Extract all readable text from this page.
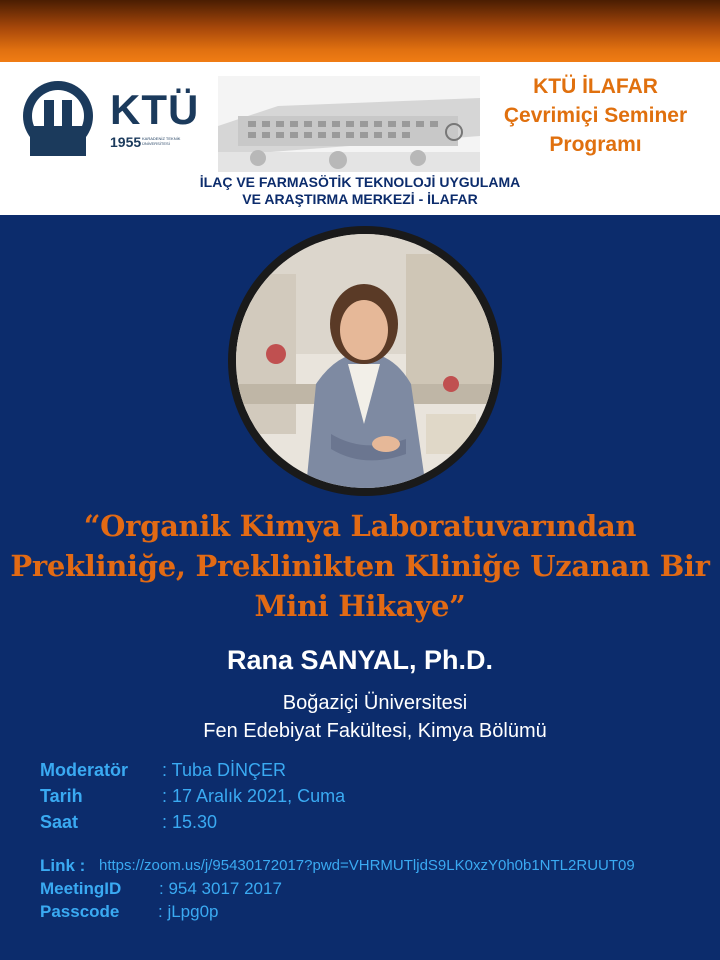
KTÜ
1955 KARADENİZ TEKNİK ÜNİVERSİTESİ
KTÜ İLAFAR
Çevrimiçi Seminer
Programı
İLAÇ VE FARMASÖTİK TEKNOLOJİ UYGULAMA
VE ARAŞTIRMA MERKEZİ - İLAFAR
“Organik Kimya Laboratuvarından
Prekliniğe, Preklinikten Kliniğe Uzanan Bir
Mini Hikaye”
Rana SANYAL, Ph.D.
Boğaziçi Üniversitesi
Fen Edebiyat Fakültesi, Kimya Bölümü
Moderatör : Tuba DİNÇER
Tarih	: 17 Aralık 2021, Cuma
Saat	: 15.30
Link : https://zoom.us/j/95430172017?pwd=VHRMUTljdS9LK0xzY0h0b1NTL2RUUT09
MeetingID : 954 3017 2017
Passcode : jLpg0p
